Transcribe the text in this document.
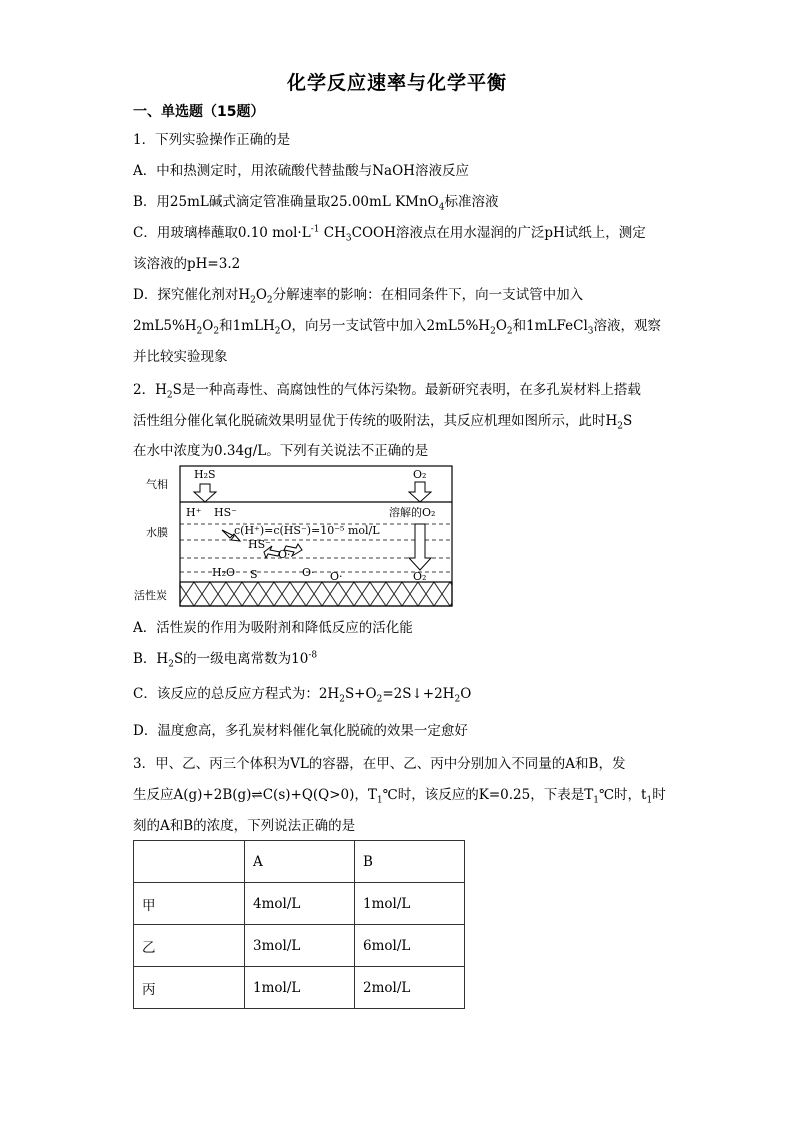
化学反应速率与化学平衡
一、单选题（15题）
1．下列实验操作正确的是
A．中和热测定时，用浓硫酸代替盐酸与NaOH溶液反应
B．用25mL碱式滴定管准确量取25.00mL KMnO$_4$标准溶液
C．用玻璃棒蘸取0.10 $mol\cdot L^{-1}$ $CH_3COOH$溶液点在用水湿润的广泛pH试纸上，测定
该溶液的pH=3.2
D．探究催化剂对$H_2O_2$分解速率的影响：在相同条件下，向一支试管中加入
$2mL5\%H_2O_2$和1mLH$_2$O，向另一支试管中加入$2mL5\%H_2O_2$和1mLFeCl$_3$溶液，观察
并比较实验现象
2．$H_2S$是一种高毒性、高腐蚀性的气体污染物。最新研究表明，在多孔炭材料上搭载
活性组分催化氧化脱硫效果明显优于传统的吸附法，其反应机理如图所示，此时$H_2S$
在水中浓度为0.34g/L。下列有关说法不正确的是
气相
水膜
活性炭
H₂S	O₂
H⁺ HS⁻	溶解的O₂
c(H⁺)=c(HS⁻)=10⁻⁵ mol/L
HS⁻
O·
H₂O S	O· O·	O₂
A．活性炭的作用为吸附剂和降低反应的活化能
B．$H_2S$的一级电离常数为$10^{-8}$
C．该反应的总反应方程式为：$2H_2S+O_2=2S↓+2H_2O$
D．温度愈高，多孔炭材料催化氧化脱硫的效果一定愈好
3．甲、乙、丙三个体积为VL的容器，在甲、乙、丙中分别加入不同量的A和B，发
生反应A(g)+2B(g)⇌C(s)+Q(Q>0)，$T_1℃$时，该反应的K=0.25，下表是$T_1℃$时，$t_1$时
刻的A和B的浓度，下列说法正确的是
	A	B
甲	4mol/L	1mol/L
乙	3mol/L	6mol/L
丙	1mol/L	2mol/L
